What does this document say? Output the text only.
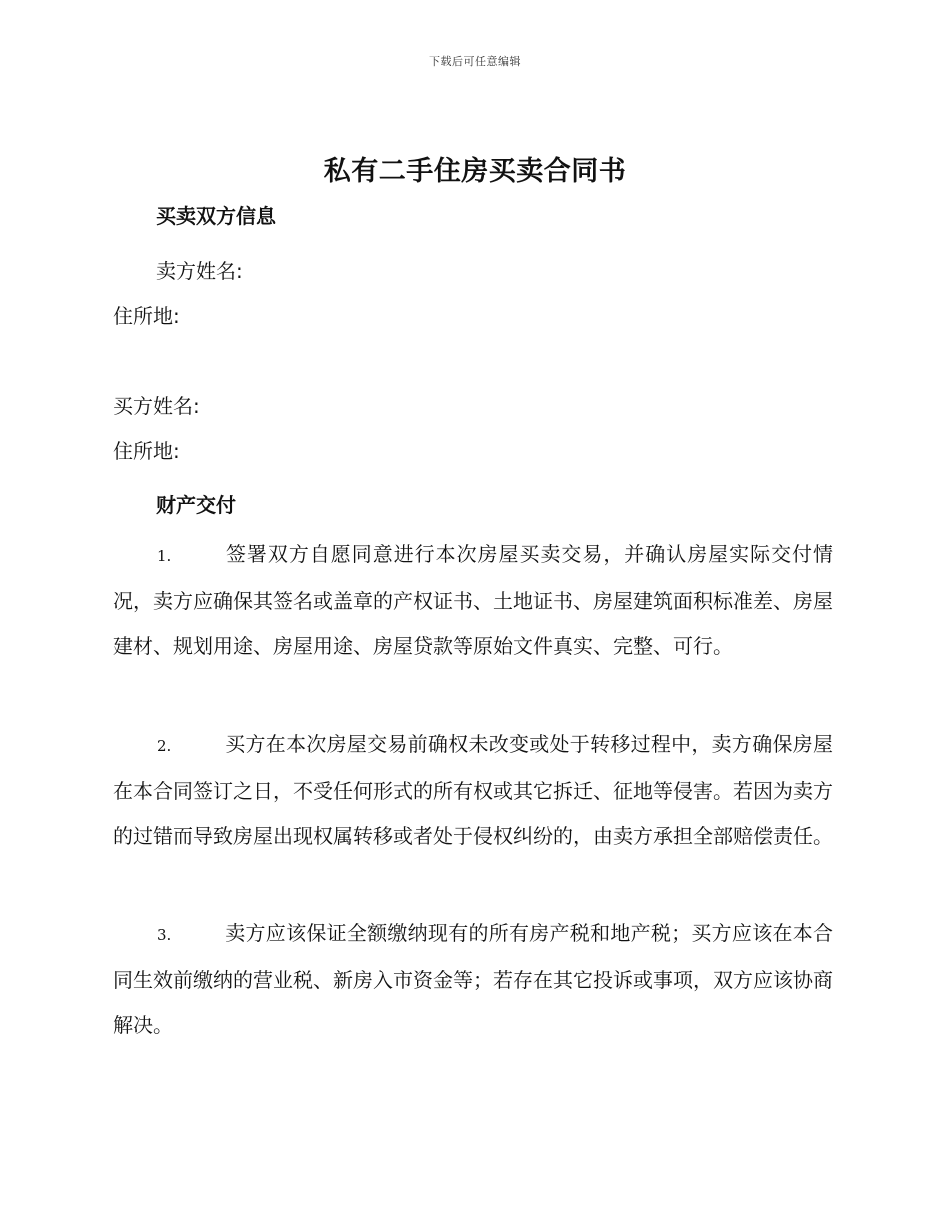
下载后可任意编辑
私有二手住房买卖合同书
买卖双方信息
卖方姓名:
住所地:
买方姓名:
住所地:
财产交付

1.	签署双方自愿同意进行本次房屋买卖交易，并确认房屋实际交付情况，卖方应确保其签名或盖章的产权证书、土地证书、房屋建筑面积标准差、房屋建材、规划用途、房屋用途、房屋贷款等原始文件真实、完整、可行。

2.	买方在本次房屋交易前确权未改变或处于转移过程中，卖方确保房屋在本合同签订之日，不受任何形式的所有权或其它拆迁、征地等侵害。若因为卖方的过错而导致房屋出现权属转移或者处于侵权纠纷的，由卖方承担全部赔偿责任。

3.	卖方应该保证全额缴纳现有的所有房产税和地产税；买方应该在本合同生效前缴纳的营业税、新房入市资金等；若存在其它投诉或事项，双方应该协商解决。
